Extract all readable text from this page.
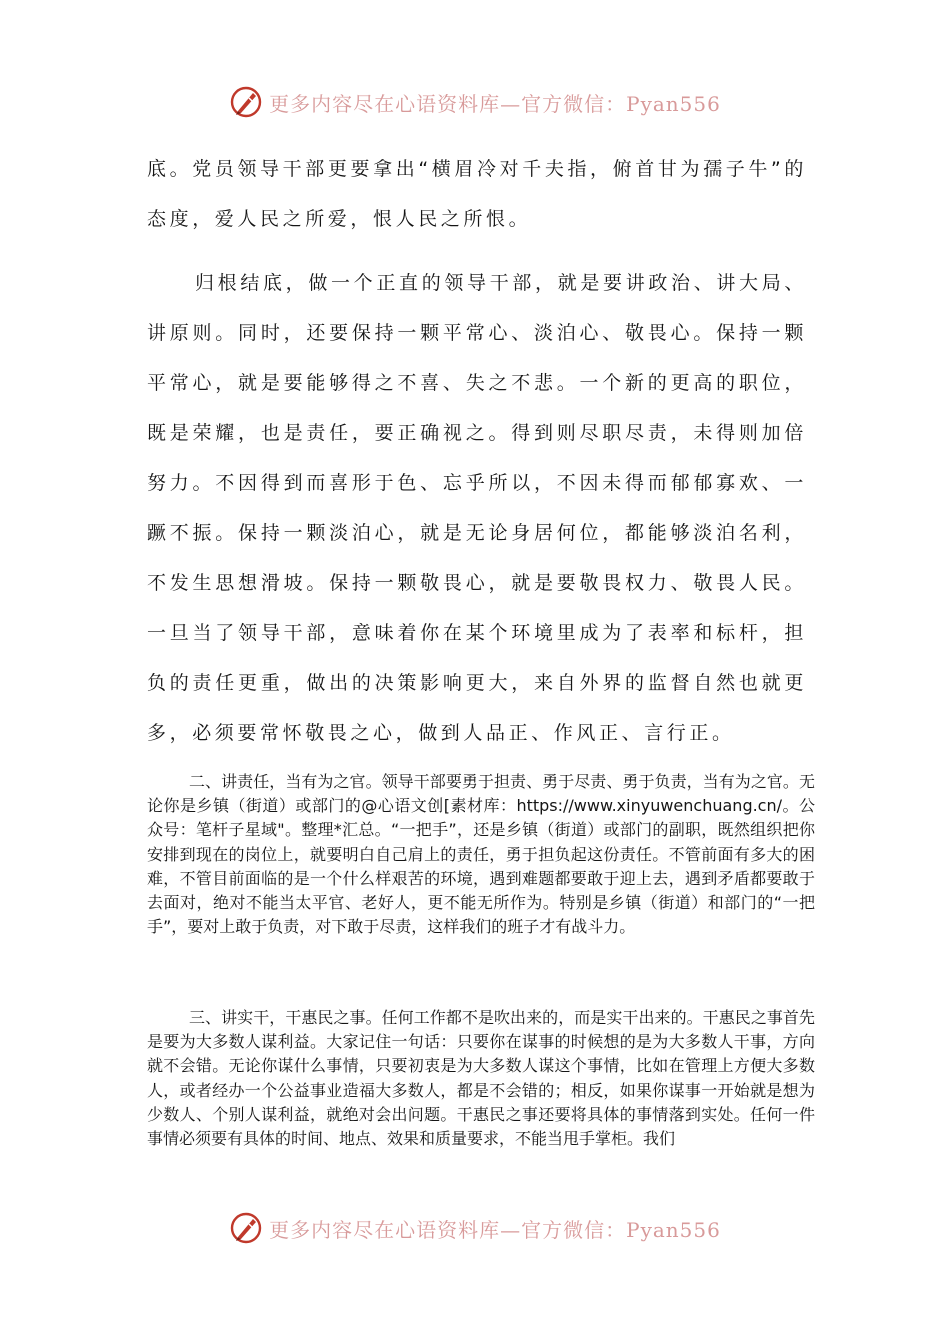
更多内容尽在心语资料库—官方微信：Pyan556

底。党员领导干部更要拿出“横眉冷对千夫指，俯首甘为孺子牛”的态度，爱人民之所爱，恨人民之所恨。

归根结底，做一个正直的领导干部，就是要讲政治、讲大局、讲原则。同时，还要保持一颗平常心、淡泊心、敬畏心。保持一颗平常心，就是要能够得之不喜、失之不悲。一个新的更高的职位，既是荣耀，也是责任，要正确视之。得到则尽职尽责，未得则加倍努力。不因得到而喜形于色、忘乎所以，不因未得而郁郁寡欢、一蹶不振。保持一颗淡泊心，就是无论身居何位，都能够淡泊名利，不发生思想滑坡。保持一颗敬畏心，就是要敬畏权力、敬畏人民。一旦当了领导干部，意味着你在某个环境里成为了表率和标杆，担负的责任更重，做出的决策影响更大，来自外界的监督自然也就更多，必须要常怀敬畏之心，做到人品正、作风正、言行正。

二、讲责任，当有为之官。领导干部要勇于担责、勇于尽责、勇于负责，当有为之官。无论你是乡镇（街道）或部门的@心语文创[素材库：https://www.xinyuwenchuang.cn/。公众号：笔杆子星域"。整理*汇总。“一把手”，还是乡镇（街道）或部门的副职，既然组织把你安排到现在的岗位上，就要明白自己肩上的责任，勇于担负起这份责任。不管前面有多大的困难，不管目前面临的是一个什么样艰苦的环境，遇到难题都要敢于迎上去，遇到矛盾都要敢于去面对，绝对不能当太平官、老好人，更不能无所作为。特别是乡镇（街道）和部门的“一把手”，要对上敢于负责，对下敢于尽责，这样我们的班子才有战斗力。

三、讲实干，干惠民之事。任何工作都不是吹出来的，而是实干出来的。干惠民之事首先是要为大多数人谋利益。大家记住一句话：只要你在谋事的时候想的是为大多数人干事，方向就不会错。无论你谋什么事情，只要初衷是为大多数人谋这个事情，比如在管理上方便大多数人，或者经办一个公益事业造福大多数人，都是不会错的；相反，如果你谋事一开始就是想为少数人、个别人谋利益，就绝对会出问题。干惠民之事还要将具体的事情落到实处。任何一件事情必须要有具体的时间、地点、效果和质量要求，不能当甩手掌柜。我们

更多内容尽在心语资料库—官方微信：Pyan556
